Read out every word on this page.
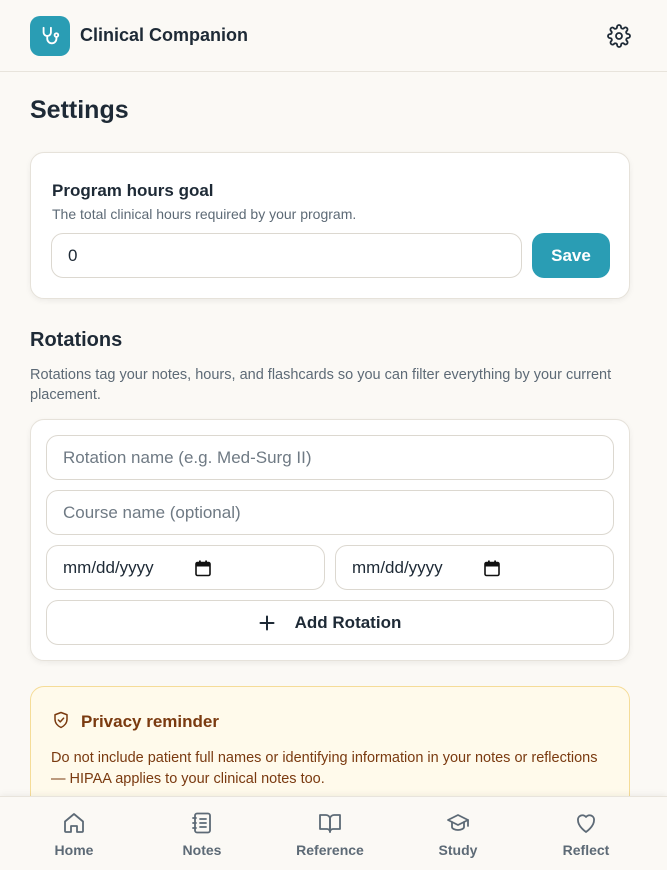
Clinical Companion
Settings
Program hours goal
The total clinical hours required by your program.
0
Save
Rotations

Rotations tag your notes, hours, and flashcards so you can filter everything by your current placement.

Rotation name (e.g. Med-Surg II)
Course name (optional)
mm/dd/yyyy	mm/dd/yyyy
Add Rotation
Privacy reminder
Do not include patient full names or identifying information in your notes or reflections — HIPAA applies to your clinical notes too.
Home	Notes	Reference	Study	Reflect
